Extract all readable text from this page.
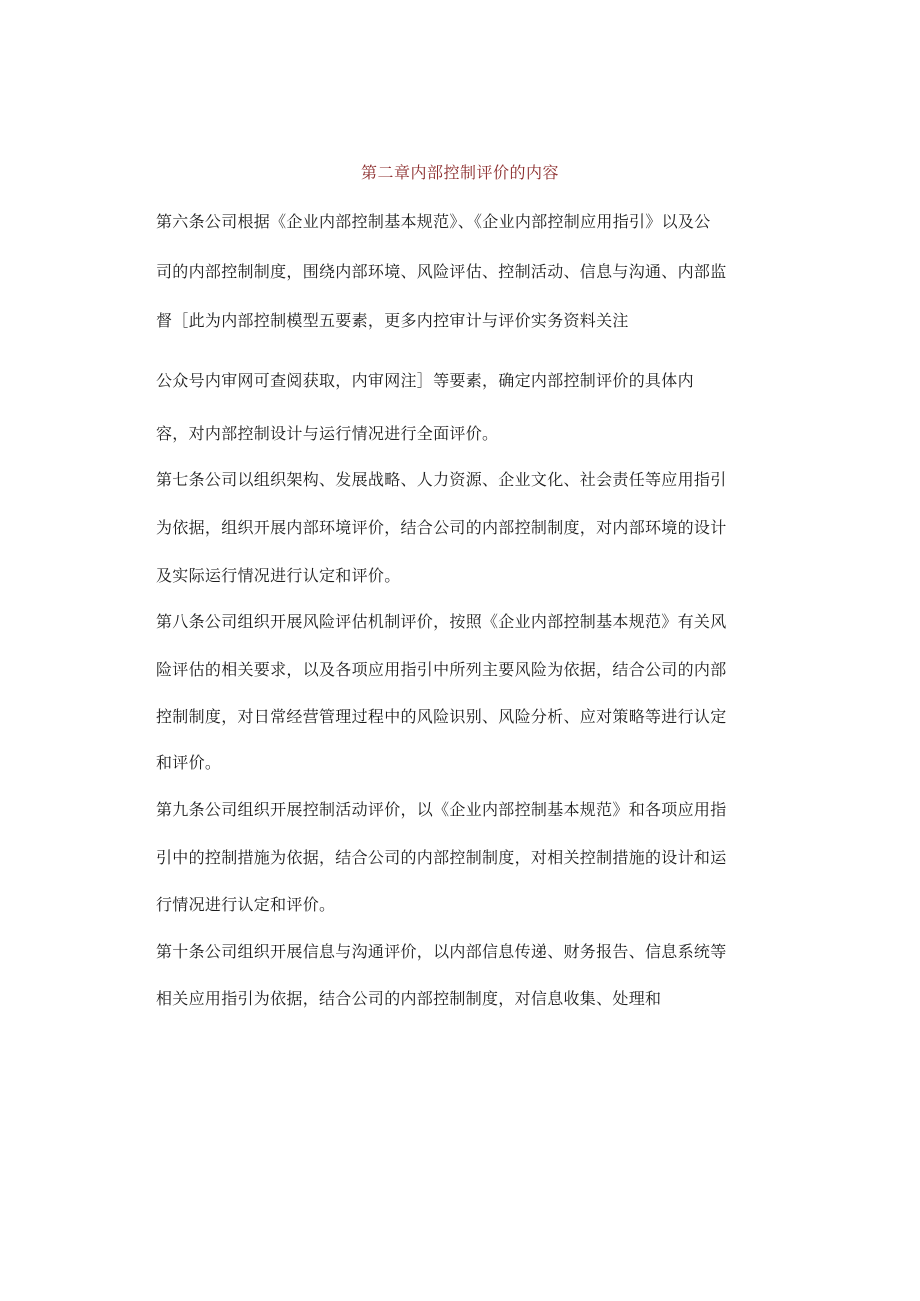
第二章内部控制评价的内容
第六条公司根据《企业内部控制基本规范》、《企业内部控制应用指引》以及公
司的内部控制制度，围绕内部环境、风险评估、控制活动、信息与沟通、内部监
督［此为内部控制模型五要素，更多内控审计与评价实务资料关注
公众号内审网可查阅获取，内审网注］等要素，确定内部控制评价的具体内
容，对内部控制设计与运行情况进行全面评价。
第七条公司以组织架构、发展战略、人力资源、企业文化、社会责任等应用指引
为依据，组织开展内部环境评价，结合公司的内部控制制度，对内部环境的设计
及实际运行情况进行认定和评价。
第八条公司组织开展风险评估机制评价，按照《企业内部控制基本规范》有关风
险评估的相关要求，以及各项应用指引中所列主要风险为依据，结合公司的内部
控制制度，对日常经营管理过程中的风险识别、风险分析、应对策略等进行认定
和评价。
第九条公司组织开展控制活动评价，以《企业内部控制基本规范》和各项应用指
引中的控制措施为依据，结合公司的内部控制制度，对相关控制措施的设计和运
行情况进行认定和评价。
第十条公司组织开展信息与沟通评价，以内部信息传递、财务报告、信息系统等
相关应用指引为依据，结合公司的内部控制制度，对信息收集、处理和
